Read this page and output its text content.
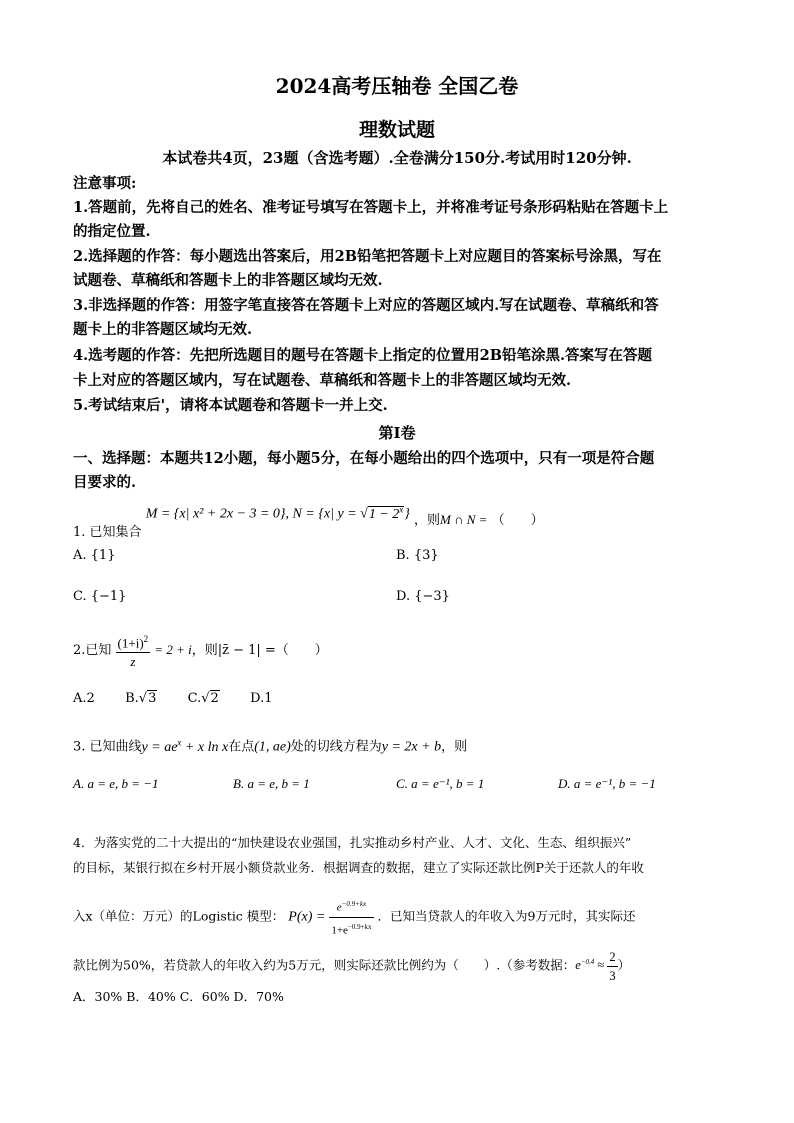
2024高考压轴卷 全国乙卷
理数试题
本试卷共4页，23题（含选考题）.全卷满分150分.考试用时120分钟.
注意事项:
1.答题前，先将自己的姓名、准考证号填写在答题卡上，并将准考证号条形码粘贴在答题卡上
的指定位置.
2.选择题的作答：每小题选出答案后，用2B铅笔把答题卡上对应题目的答案标号涂黑，写在
试题卷、草稿纸和答题卡上的非答题区域均无效.
3.非选择题的作答：用签字笔直接答在答题卡上对应的答题区域内.写在试题卷、草稿纸和答
题卡上的非答题区域均无效.
4.选考题的作答：先把所选题目的题号在答题卡上指定的位置用2B铅笔涂黑.答案写在答题
卡上对应的答题区域内，写在试题卷、草稿纸和答题卡上的非答题区域均无效.
5.考试结束后'，请将本试题卷和答题卡一并上交.
第I卷
一、选择题：本题共12小题，每小题5分，在每小题给出的四个选项中，只有一项是符合题
目要求的.
1. 已知集合 M = {x| x² + 2x − 3 = 0}, N = {x| $y = √1 - 2^x$} ，则M ∩ N = （　　）
A. {1}	B. {3}
C. {−1}	D. {−3}
2.已知 $\frac{(1+i)^2}{z} = 2 + i$，则|z̄ − 1| =（　　）
A.2 B.√3 C.√2 D.1
3. 已知曲线$y = ae^x + x$ ln x在点(1, ae)处的切线方程为y = 2x + b，则
A. a = e, b = −1	B. a = e, b = 1	C. a = e⁻¹, b = 1	D. a = e⁻¹, b = −1
4．为落实党的二十大提出的“加快建设农业强国，扎实推动乡村产业、人才、文化、生态、组织振兴”
的目标，某银行拟在乡村开展小额贷款业务．根据调查的数据，建立了实际还款比例P关于还款人的年收
入x（单位：万元）的Logistic 模型： $P(x) = \frac{e^{-0.9+kx}}{1+e^{-0.9+kx}}$ ．已知当贷款人的年收入为9万元时，其实际还
款比例为50%，若贷款人的年收入约为5万元，则实际还款比例约为（　　）.（参考数据：$e^{-0.4} \approx \frac{2}{3}$ ）
A．30% B．40% C．60% D．70%
